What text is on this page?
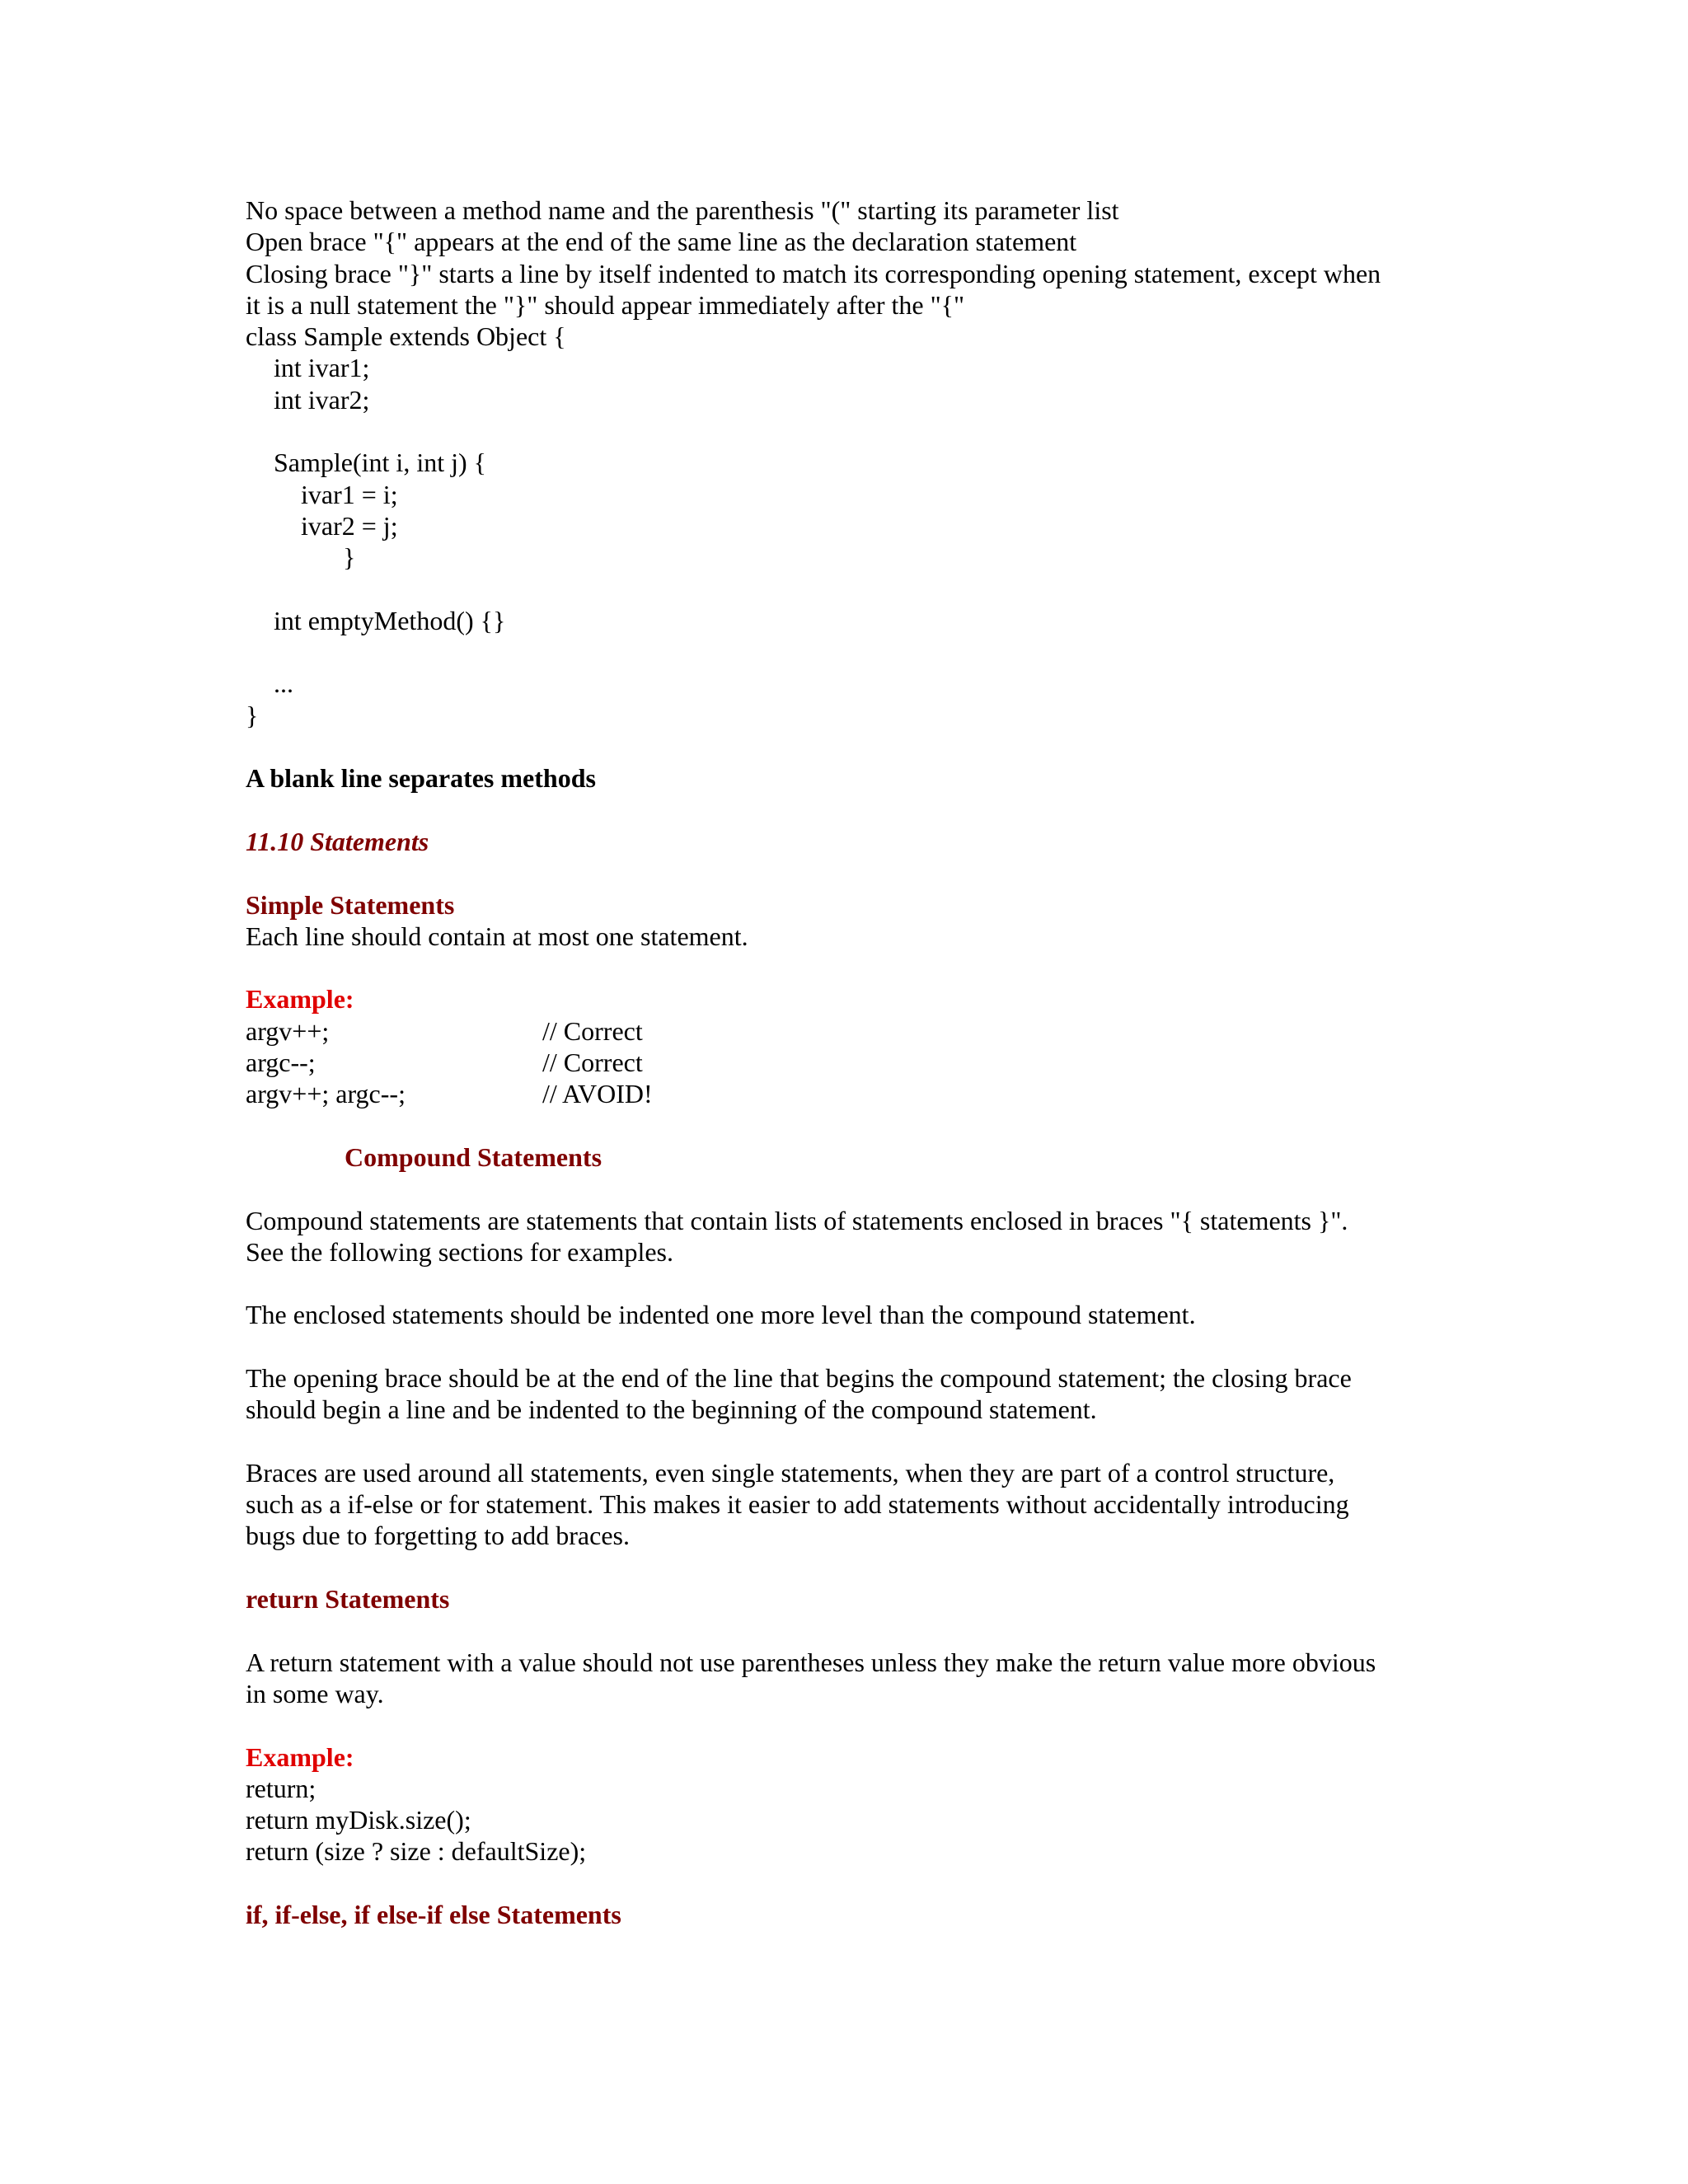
No space between a method name and the parenthesis "(" starting its parameter list
Open brace "{" appears at the end of the same line as the declaration statement
Closing brace "}" starts a line by itself indented to match its corresponding opening statement, except when
it is a null statement the "}" should appear immediately after the "{"
class Sample extends Object {
int ivar1;
int ivar2;
Sample(int i, int j) {
ivar1 = i;
ivar2 = j;
}
int emptyMethod() {}
...
}
A blank line separates methods
11.10 Statements
Simple Statements
Each line should contain at most one statement.
Example:
argv++;	// Correct
argc--;	// Correct
argv++; argc--;	// AVOID!
Compound Statements
Compound statements are statements that contain lists of statements enclosed in braces "{ statements }".
See the following sections for examples.
The enclosed statements should be indented one more level than the compound statement.
The opening brace should be at the end of the line that begins the compound statement; the closing brace
should begin a line and be indented to the beginning of the compound statement.
Braces are used around all statements, even single statements, when they are part of a control structure,
such as a if-else or for statement. This makes it easier to add statements without accidentally introducing
bugs due to forgetting to add braces.
return Statements
A return statement with a value should not use parentheses unless they make the return value more obvious
in some way.
Example:
return;
return myDisk.size();
return (size ? size : defaultSize);
if, if-else, if else-if else Statements
